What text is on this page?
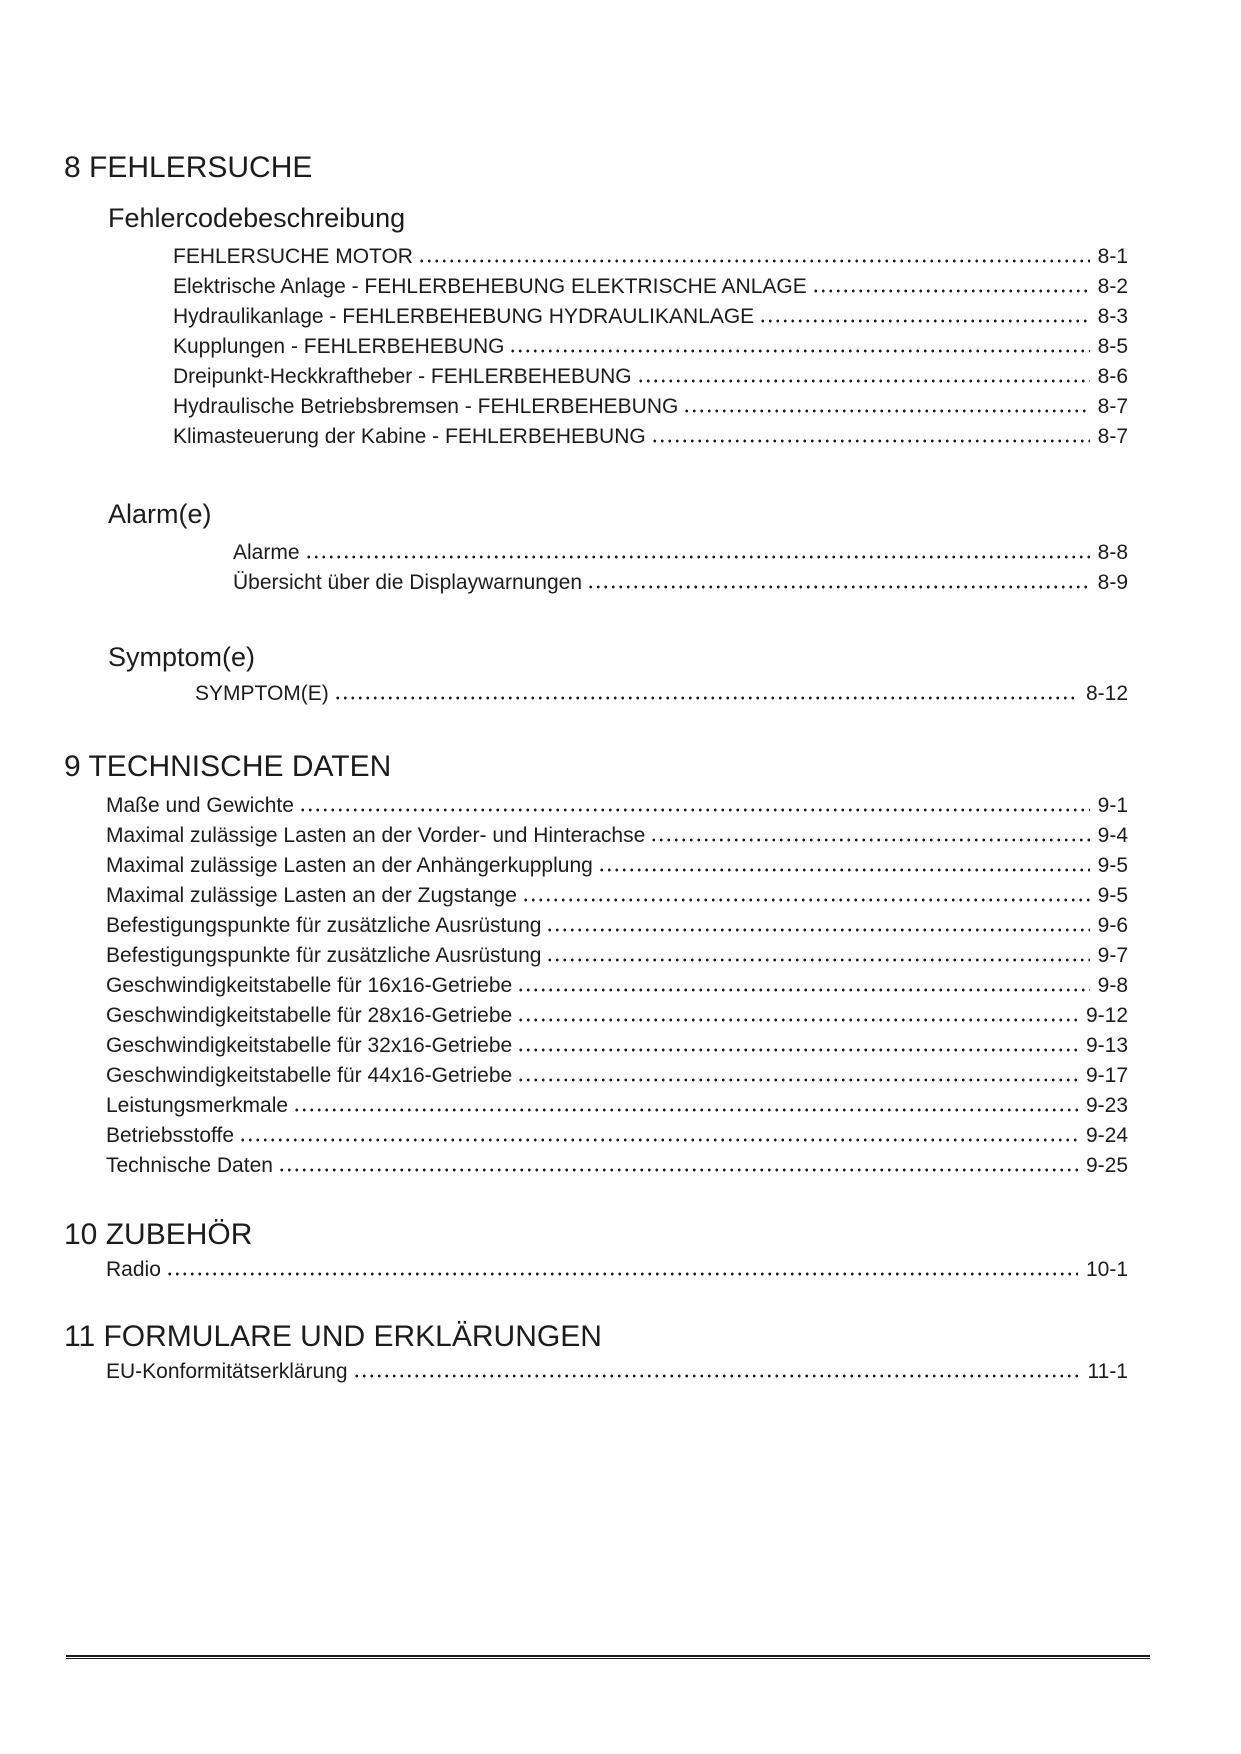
8 FEHLERSUCHE
Fehlercodebeschreibung
FEHLERSUCHE MOTOR	8-1
Elektrische Anlage - FEHLERBEHEBUNG ELEKTRISCHE ANLAGE	8-2
Hydraulikanlage - FEHLERBEHEBUNG HYDRAULIKANLAGE	8-3
Kupplungen - FEHLERBEHEBUNG	8-5
Dreipunkt-Heckkraftheber - FEHLERBEHEBUNG	8-6
Hydraulische Betriebsbremsen - FEHLERBEHEBUNG	8-7
Klimasteuerung der Kabine - FEHLERBEHEBUNG	8-7
Alarm(e)
Alarme	8-8
Übersicht über die Displaywarnungen	8-9
Symptom(e)
SYMPTOM(E)	8-12
9 TECHNISCHE DATEN
Maße und Gewichte	9-1
Maximal zulässige Lasten an der Vorder- und Hinterachse	9-4
Maximal zulässige Lasten an der Anhängerkupplung	9-5
Maximal zulässige Lasten an der Zugstange	9-5
Befestigungspunkte für zusätzliche Ausrüstung	9-6
Befestigungspunkte für zusätzliche Ausrüstung	9-7
Geschwindigkeitstabelle für 16x16-Getriebe	9-8
Geschwindigkeitstabelle für 28x16-Getriebe	9-12
Geschwindigkeitstabelle für 32x16-Getriebe	9-13
Geschwindigkeitstabelle für 44x16-Getriebe	9-17
Leistungsmerkmale	9-23
Betriebsstoffe	9-24
Technische Daten	9-25
10 ZUBEHÖR
Radio	10-1
11 FORMULARE UND ERKLÄRUNGEN
EU-Konformitätserklärung	11-1
